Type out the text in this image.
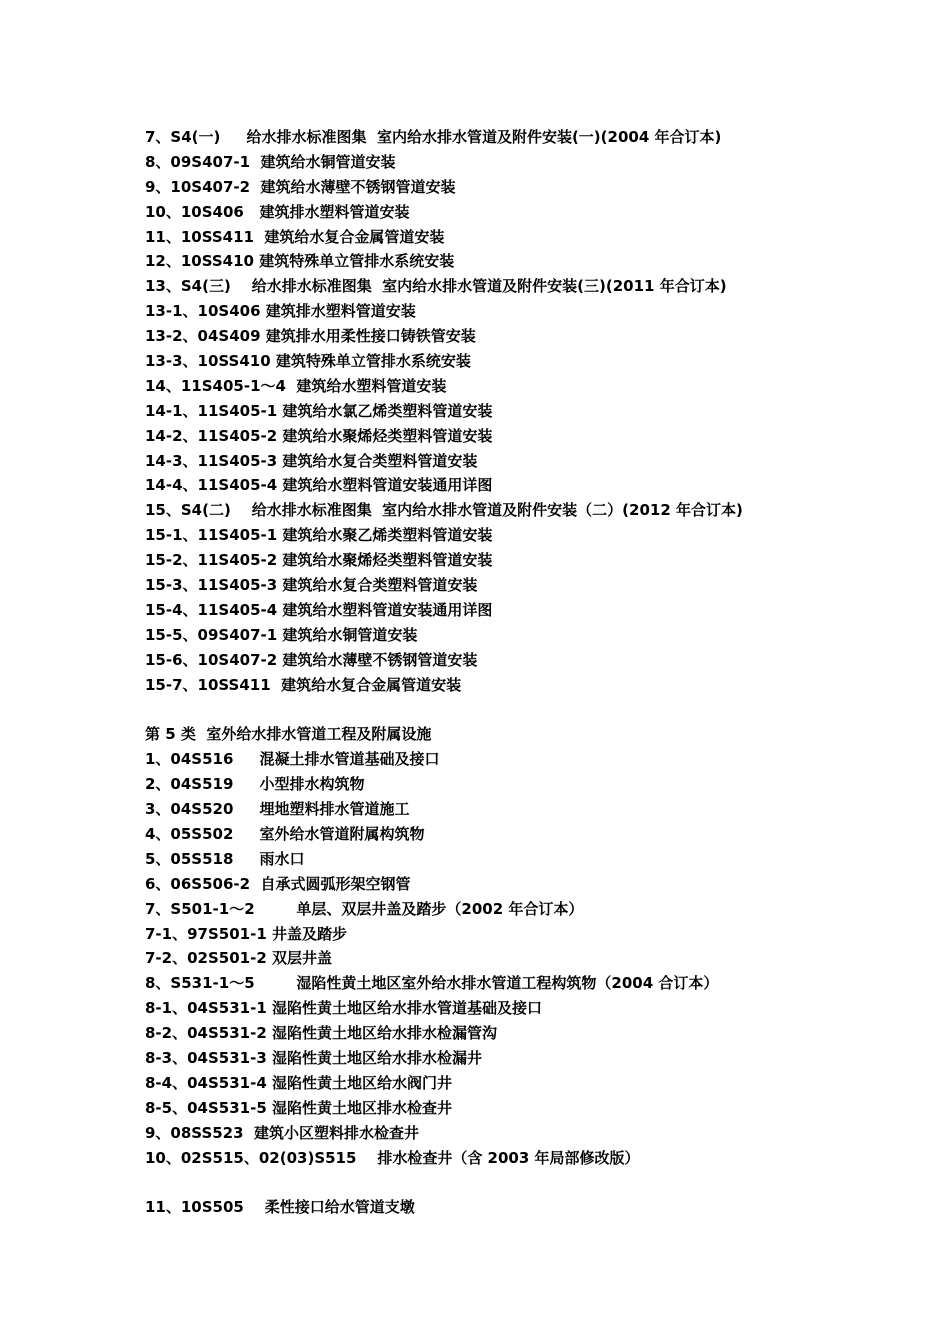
7、S4(一)     给水排水标准图集  室内给水排水管道及附件安装(一)(2004 年合订本)
8、09S407-1  建筑给水铜管道安装
9、10S407-2  建筑给水薄壁不锈钢管道安装
10、10S406   建筑排水塑料管道安装
11、10SS411  建筑给水复合金属管道安装
12、10SS410 建筑特殊单立管排水系统安装
13、S4(三)    给水排水标准图集  室内给水排水管道及附件安装(三)(2011 年合订本)
13-1、10S406 建筑排水塑料管道安装
13-2、04S409 建筑排水用柔性接口铸铁管安装
13-3、10SS410 建筑特殊单立管排水系统安装
14、11S405-1～4  建筑给水塑料管道安装
14-1、11S405-1 建筑给水氯乙烯类塑料管道安装
14-2、11S405-2 建筑给水聚烯烃类塑料管道安装
14-3、11S405-3 建筑给水复合类塑料管道安装
14-4、11S405-4 建筑给水塑料管道安装通用详图
15、S4(二)    给水排水标准图集  室内给水排水管道及附件安装（二）(2012 年合订本)
15-1、11S405-1 建筑给水聚乙烯类塑料管道安装
15-2、11S405-2 建筑给水聚烯烃类塑料管道安装
15-3、11S405-3 建筑给水复合类塑料管道安装
15-4、11S405-4 建筑给水塑料管道安装通用详图
15-5、09S407-1 建筑给水铜管道安装
15-6、10S407-2 建筑给水薄壁不锈钢管道安装
15-7、10SS411  建筑给水复合金属管道安装
第 5 类  室外给水排水管道工程及附属设施
1、04S516     混凝土排水管道基础及接口
2、04S519     小型排水构筑物
3、04S520     埋地塑料排水管道施工
4、05S502     室外给水管道附属构筑物
5、05S518     雨水口
6、06S506-2  自承式圆弧形架空钢管
7、S501-1～2        单层、双层井盖及踏步（2002 年合订本）
7-1、97S501-1 井盖及踏步
7-2、02S501-2 双层井盖
8、S531-1～5        湿陷性黄土地区室外给水排水管道工程构筑物（2004 合订本）
8-1、04S531-1 湿陷性黄土地区给水排水管道基础及接口
8-2、04S531-2 湿陷性黄土地区给水排水检漏管沟
8-3、04S531-3 湿陷性黄土地区给水排水检漏井
8-4、04S531-4 湿陷性黄土地区给水阀门井
8-5、04S531-5 湿陷性黄土地区排水检查井
9、08SS523  建筑小区塑料排水检查井
10、02S515、02(03)S515    排水检查井（含 2003 年局部修改版）
11、10S505    柔性接口给水管道支墩
